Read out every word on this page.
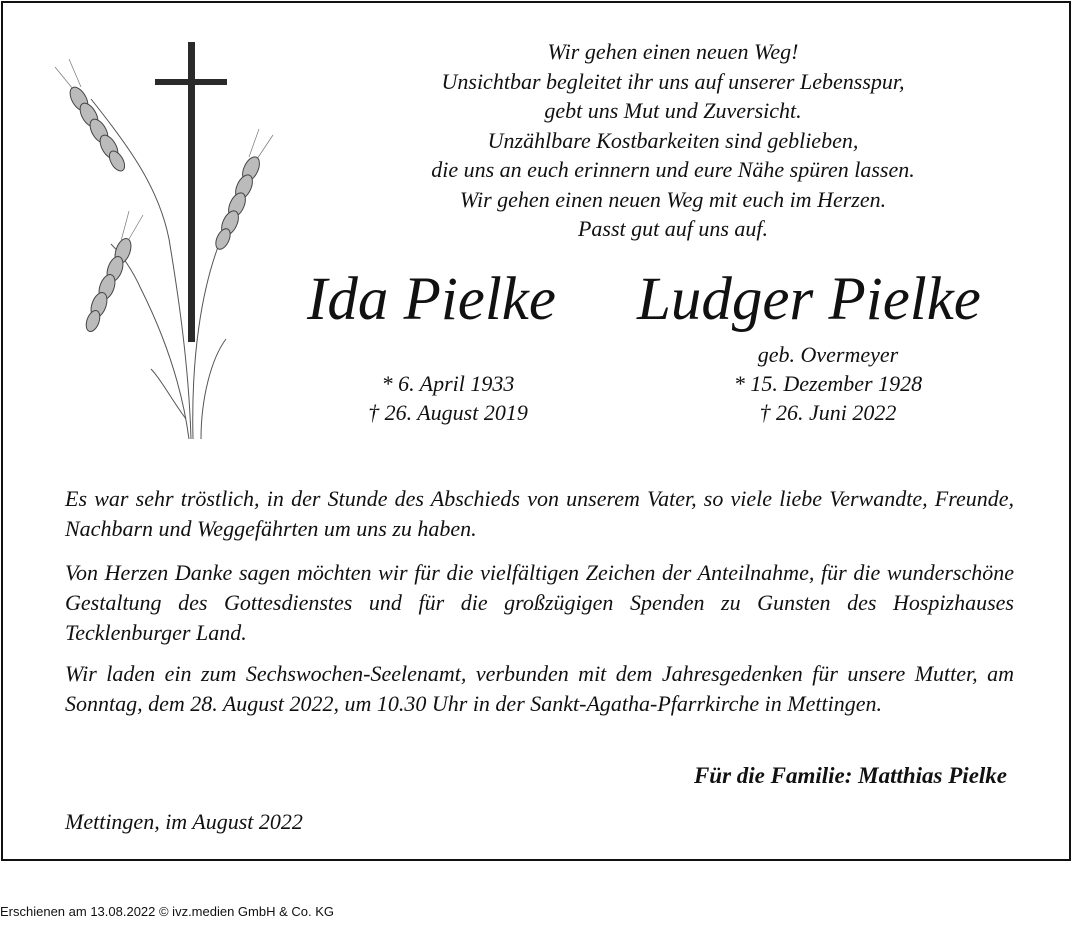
Wir gehen einen neuen Weg!
Unsichtbar begleitet ihr uns auf unserer Lebensspur,
gebt uns Mut und Zuversicht.
Unzählbare Kostbarkeiten sind geblieben,
die uns an euch erinnern und eure Nähe spüren lassen.
Wir gehen einen neuen Weg mit euch im Herzen.
Passt gut auf uns auf.
Ida Pielke Ludger Pielke
* 6. April 1933
† 26. August 2019
geb. Overmeyer
* 15. Dezember 1928
† 26. Juni 2022

Es war sehr tröstlich, in der Stunde des Abschieds von unserem Vater, so viele liebe Verwandte, Freunde, Nachbarn und Weggefährten um uns zu haben.

Von Herzen Danke sagen möchten wir für die vielfältigen Zeichen der Anteilnahme, für die wunderschöne Gestaltung des Gottesdienstes und für die großzügigen Spenden zu Gunsten des Hospizhauses Tecklenburger Land.

Wir laden ein zum Sechswochen-Seelenamt, verbunden mit dem Jahresgedenken für unsere Mutter, am Sonntag, dem 28. August 2022, um 10.30 Uhr in der Sankt-Agatha-Pfarrkirche in Mettingen.

Für die Familie: Matthias Pielke
Mettingen, im August 2022
Erschienen am 13.08.2022 © ivz.medien GmbH & Co. KG
